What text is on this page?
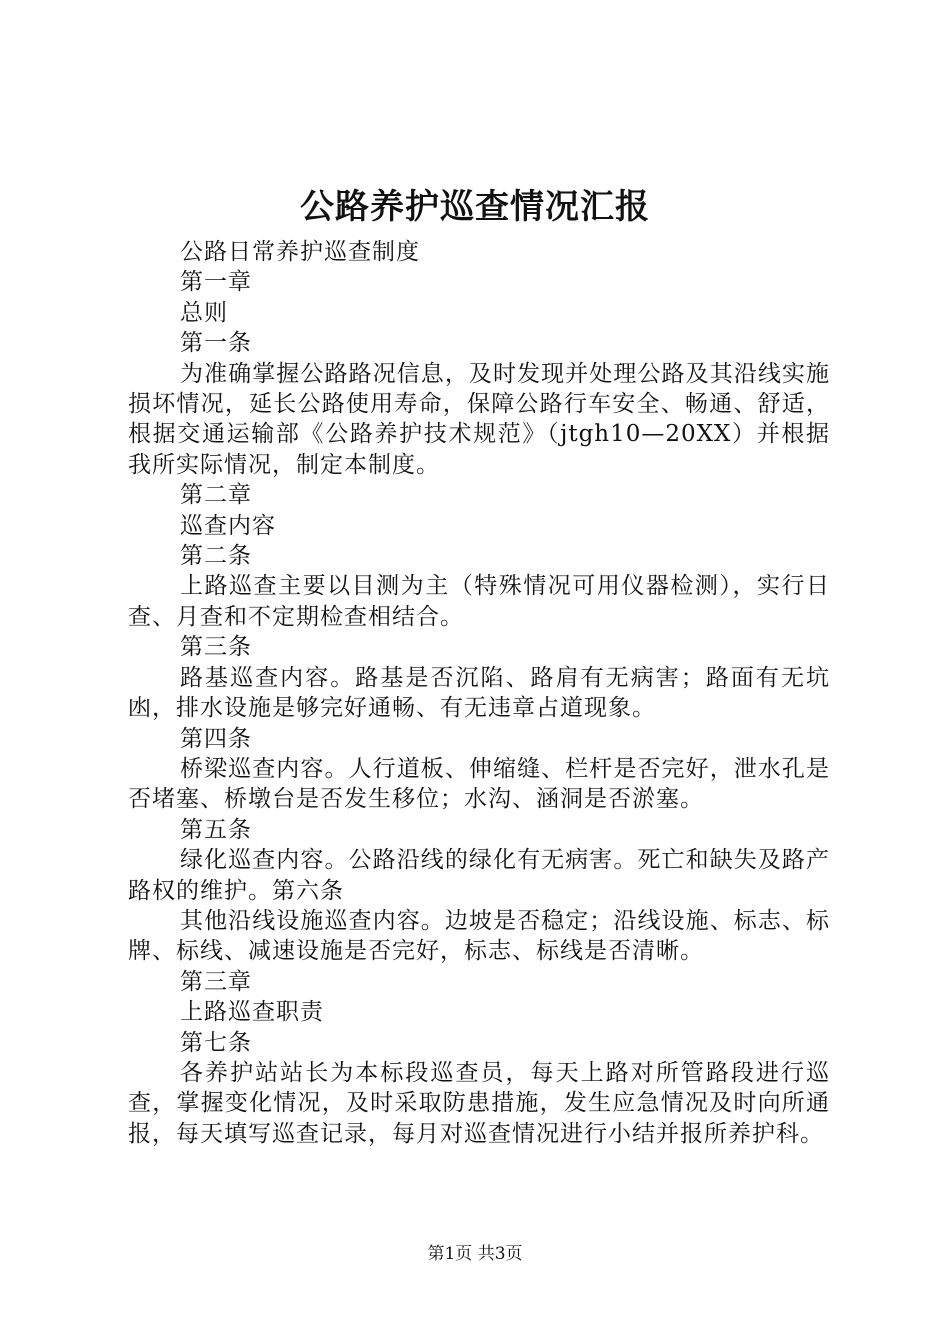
公路养护巡查情况汇报

公路日常养护巡查制度

第一章

总则

第一条

为准确掌握公路路况信息，及时发现并处理公路及其沿线实施损坏情况，延长公路使用寿命，保障公路行车安全、畅通、舒适，根据交通运输部《公路养护技术规范》（jtgh10—20XX）并根据我所实际情况，制定本制度。

第二章

巡查内容

第二条

上路巡查主要以目测为主（特殊情况可用仪器检测），实行日查、月查和不定期检查相结合。

第三条

路基巡查内容。路基是否沉陷、路肩有无病害；路面有无坑凼，排水设施是够完好通畅、有无违章占道现象。

第四条

桥梁巡查内容。人行道板、伸缩缝、栏杆是否完好，泄水孔是否堵塞、桥墩台是否发生移位；水沟、涵洞是否淤塞。

第五条

绿化巡查内容。公路沿线的绿化有无病害。死亡和缺失及路产路权的维护。第六条

其他沿线设施巡查内容。边坡是否稳定；沿线设施、标志、标牌、标线、减速设施是否完好，标志、标线是否清晰。

第三章

上路巡查职责

第七条

各养护站站长为本标段巡查员，每天上路对所管路段进行巡查，掌握变化情况，及时采取防患措施，发生应急情况及时向所通报，每天填写巡查记录，每月对巡查情况进行小结并报所养护科。

第1页 共3页
